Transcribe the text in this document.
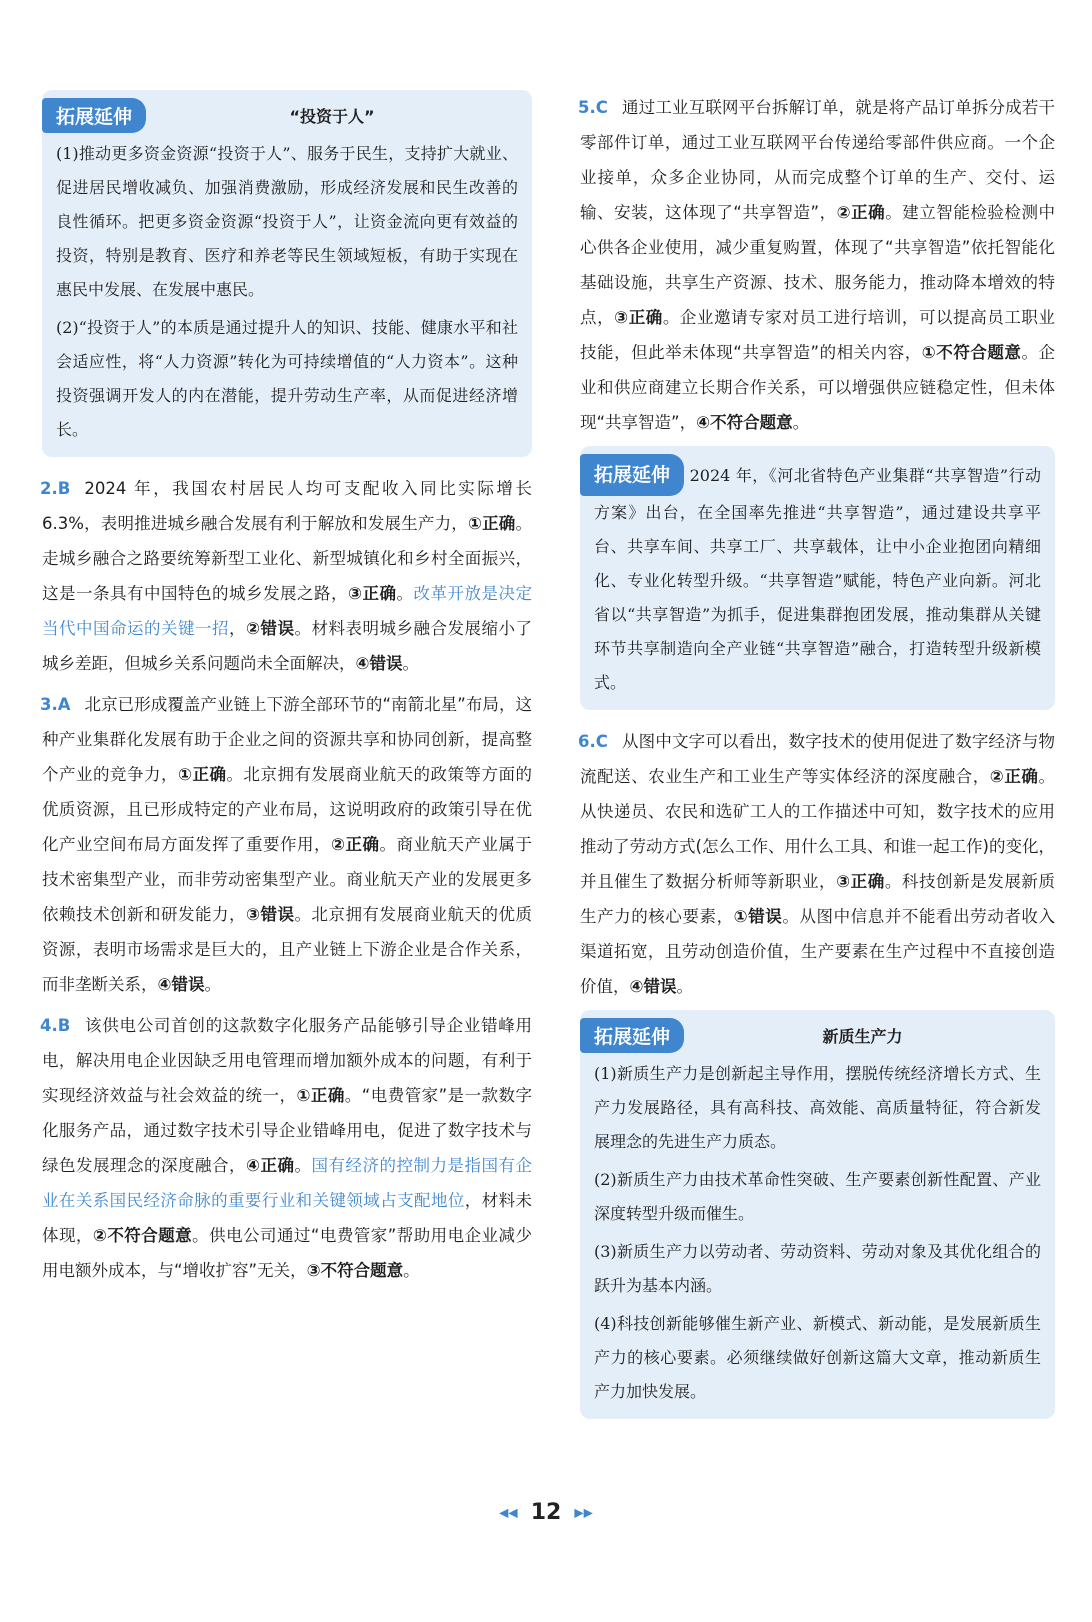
拓展延伸	“投资于人”

(1)推动更多资金资源“投资于人”、服务于民生，支持扩大就业、促进居民增收减负、加强消费激励，形成经济发展和民生改善的良性循环。把更多资金资源“投资于人”，让资金流向更有效益的投资，特别是教育、医疗和养老等民生领域短板，有助于实现在惠民中发展、在发展中惠民。

(2)“投资于人”的本质是通过提升人的知识、技能、健康水平和社会适应性，将“人力资源”转化为可持续增值的“人力资本”。这种投资强调开发人的内在潜能，提升劳动生产率，从而促进经济增长。

2.B 2024 年，我国农村居民人均可支配收入同比实际增长6.3%，表明推进城乡融合发展有利于解放和发展生产力，①正确。走城乡融合之路要统筹新型工业化、新型城镇化和乡村全面振兴，这是一条具有中国特色的城乡发展之路，③正确。改革开放是决定当代中国命运的关键一招，②错误。材料表明城乡融合发展缩小了城乡差距，但城乡关系问题尚未全面解决，④错误。

3.A 北京已形成覆盖产业链上下游全部环节的“南箭北星”布局，这种产业集群化发展有助于企业之间的资源共享和协同创新，提高整个产业的竞争力，①正确。北京拥有发展商业航天的政策等方面的优质资源，且已形成特定的产业布局，这说明政府的政策引导在优化产业空间布局方面发挥了重要作用，②正确。商业航天产业属于技术密集型产业，而非劳动密集型产业。商业航天产业的发展更多依赖技术创新和研发能力，③错误。北京拥有发展商业航天的优质资源，表明市场需求是巨大的，且产业链上下游企业是合作关系，而非垄断关系，④错误。

4.B 该供电公司首创的这款数字化服务产品能够引导企业错峰用电，解决用电企业因缺乏用电管理而增加额外成本的问题，有利于实现经济效益与社会效益的统一，①正确。“电费管家”是一款数字化服务产品，通过数字技术引导企业错峰用电，促进了数字技术与绿色发展理念的深度融合，④正确。国有经济的控制力是指国有企业在关系国民经济命脉的重要行业和关键领域占支配地位，材料未体现，②不符合题意。供电公司通过“电费管家”帮助用电企业减少用电额外成本，与“增收扩容”无关，③不符合题意。

5.C 通过工业互联网平台拆解订单，就是将产品订单拆分成若干零部件订单，通过工业互联网平台传递给零部件供应商。一个企业接单，众多企业协同，从而完成整个订单的生产、交付、运输、安装，这体现了“共享智造”，②正确。建立智能检验检测中心供各企业使用，减少重复购置，体现了“共享智造”依托智能化基础设施，共享生产资源、技术、服务能力，推动降本增效的特点，③正确。企业邀请专家对员工进行培训，可以提高员工职业技能，但此举未体现“共享智造”的相关内容，①不符合题意。企业和供应商建立长期合作关系，可以增强供应链稳定性，但未体现“共享智造”，④不符合题意。

拓展延伸 2024 年，《河北省特色产业集群“共享智造”行动方案》出台，在全国率先推进“共享智造”，通过建设共享平台、共享车间、共享工厂、共享载体，让中小企业抱团向精细化、专业化转型升级。“共享智造”赋能，特色产业向新。河北省以“共享智造”为抓手，促进集群抱团发展，推动集群从关键环节共享制造向全产业链“共享智造”融合，打造转型升级新模式。

6.C 从图中文字可以看出，数字技术的使用促进了数字经济与物流配送、农业生产和工业生产等实体经济的深度融合，②正确。从快递员、农民和选矿工人的工作描述中可知，数字技术的应用推动了劳动方式(怎么工作、用什么工具、和谁一起工作)的变化，并且催生了数据分析师等新职业，③正确。科技创新是发展新质生产力的核心要素，①错误。从图中信息并不能看出劳动者收入渠道拓宽，且劳动创造价值，生产要素在生产过程中不直接创造价值，④错误。

拓展延伸	新质生产力

(1)新质生产力是创新起主导作用，摆脱传统经济增长方式、生产力发展路径，具有高科技、高效能、高质量特征，符合新发展理念的先进生产力质态。

(2)新质生产力由技术革命性突破、生产要素创新性配置、产业深度转型升级而催生。

(3)新质生产力以劳动者、劳动资料、劳动对象及其优化组合的跃升为基本内涵。

(4)科技创新能够催生新产业、新模式、新动能，是发展新质生产力的核心要素。必须继续做好创新这篇大文章，推动新质生产力加快发展。

◀◀ 12 ▶▶
